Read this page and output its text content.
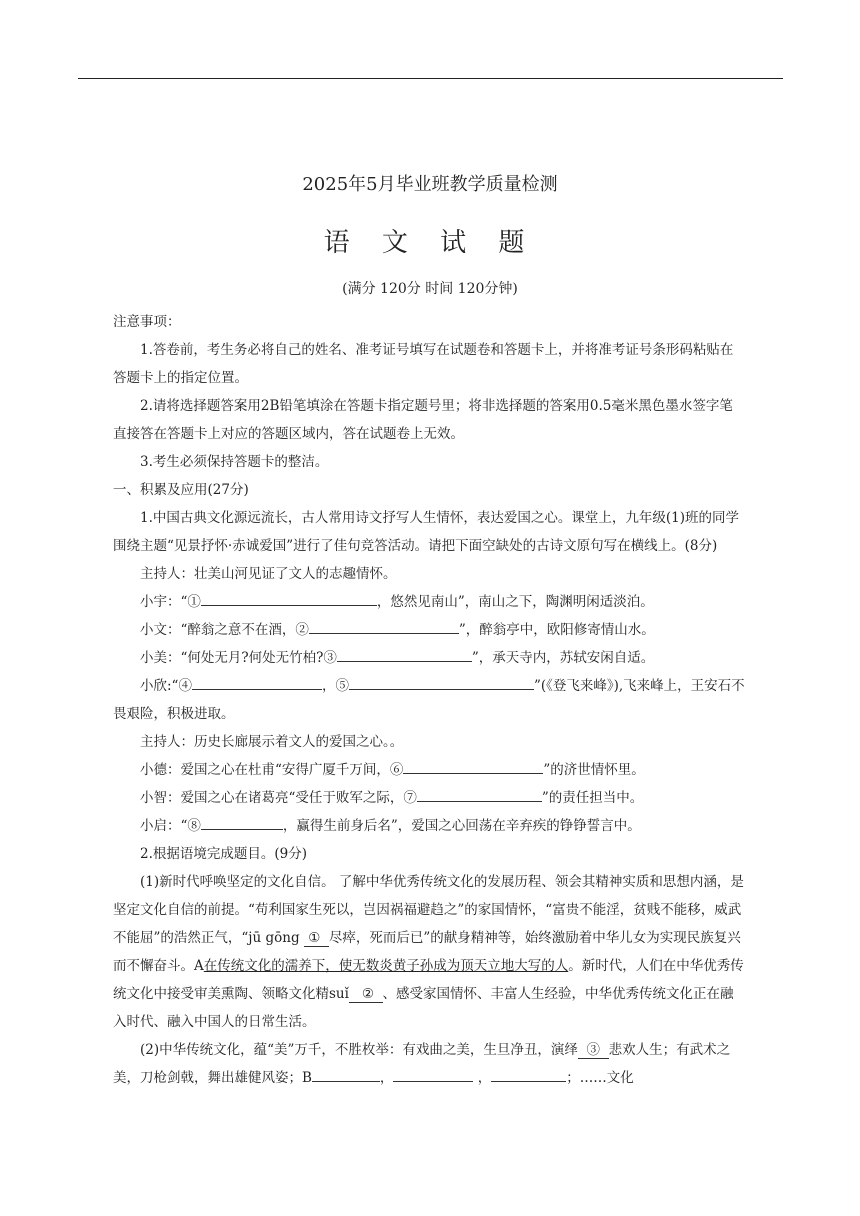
2025年5月毕业班教学质量检测
语 文 试 题
(满分 120分 时间 120分钟)

注意事项：

1.答卷前，考生务必将自己的姓名、准考证号填写在试题卷和答题卡上，并将准考证号条形码粘贴在答题卡上的指定位置。

2.请将选择题答案用2B铅笔填涂在答题卡指定题号里；将非选择题的答案用0.5毫米黑色墨水签字笔直接答在答题卡上对应的答题区域内，答在试题卷上无效。

3.考生必须保持答题卡的整洁。

一、积累及应用(27分)

1.中国古典文化源远流长，古人常用诗文抒写人生情怀，表达爱国之心。课堂上，九年级(1)班的同学围绕主题“见景抒怀·赤诚爱国”进行了佳句竞答活动。请把下面空缺处的古诗文原句写在横线上。(8分)

主持人：壮美山河见证了文人的志趣情怀。

小宇：“①	，悠然见南山”，南山之下，陶渊明闲适淡泊。

小文：“醉翁之意不在酒，②	”，醉翁亭中，欧阳修寄情山水。

小美：“何处无月?何处无竹柏?③	”，承天寺内，苏轼安闲自适。

小欣:“④	，⑤	”(《登飞来峰》),飞来峰上，王安石不畏艰险，积极进取。

主持人：历史长廊展示着文人的爱国之心。。

小德：爱国之心在杜甫“安得广厦千万间，⑥	”的济世情怀里。

小智：爱国之心在诸葛亮“受任于败军之际，⑦	”的责任担当中。

小启：“⑧	，赢得生前身后名”，爱国之心回荡在辛弃疾的铮铮誓言中。

2.根据语境完成题目。(9分)

(1)新时代呼唤坚定的文化自信。 了解中华优秀传统文化的发展历程、领会其精神实质和思想内涵，是坚定文化自信的前提。“苟利国家生死以，岂因祸福避趋之”的家国情怀，“富贵不能淫，贫贱不能移，威武不能屈”的浩然正气，“jū gōng ① 尽瘁，死而后已”的献身精神等，始终激励着中华儿女为实现民族复兴而不懈奋斗。A在传统文化的濡养下，使无数炎黄子孙成为顶天立地大写的人。新时代，人们在中华优秀传统文化中接受审美熏陶、领略文化精suǐ ② 、感受家国情怀、丰富人生经验，中华优秀传统文化正在融入时代、融入中国人的日常生活。

(2)中华传统文化，蕴“美”万千，不胜枚举：有戏曲之美，生旦净丑，演绎 ③ 悲欢人生；有武术之美，刀枪剑戟，舞出雄健风姿；B	，	，	；……文化
